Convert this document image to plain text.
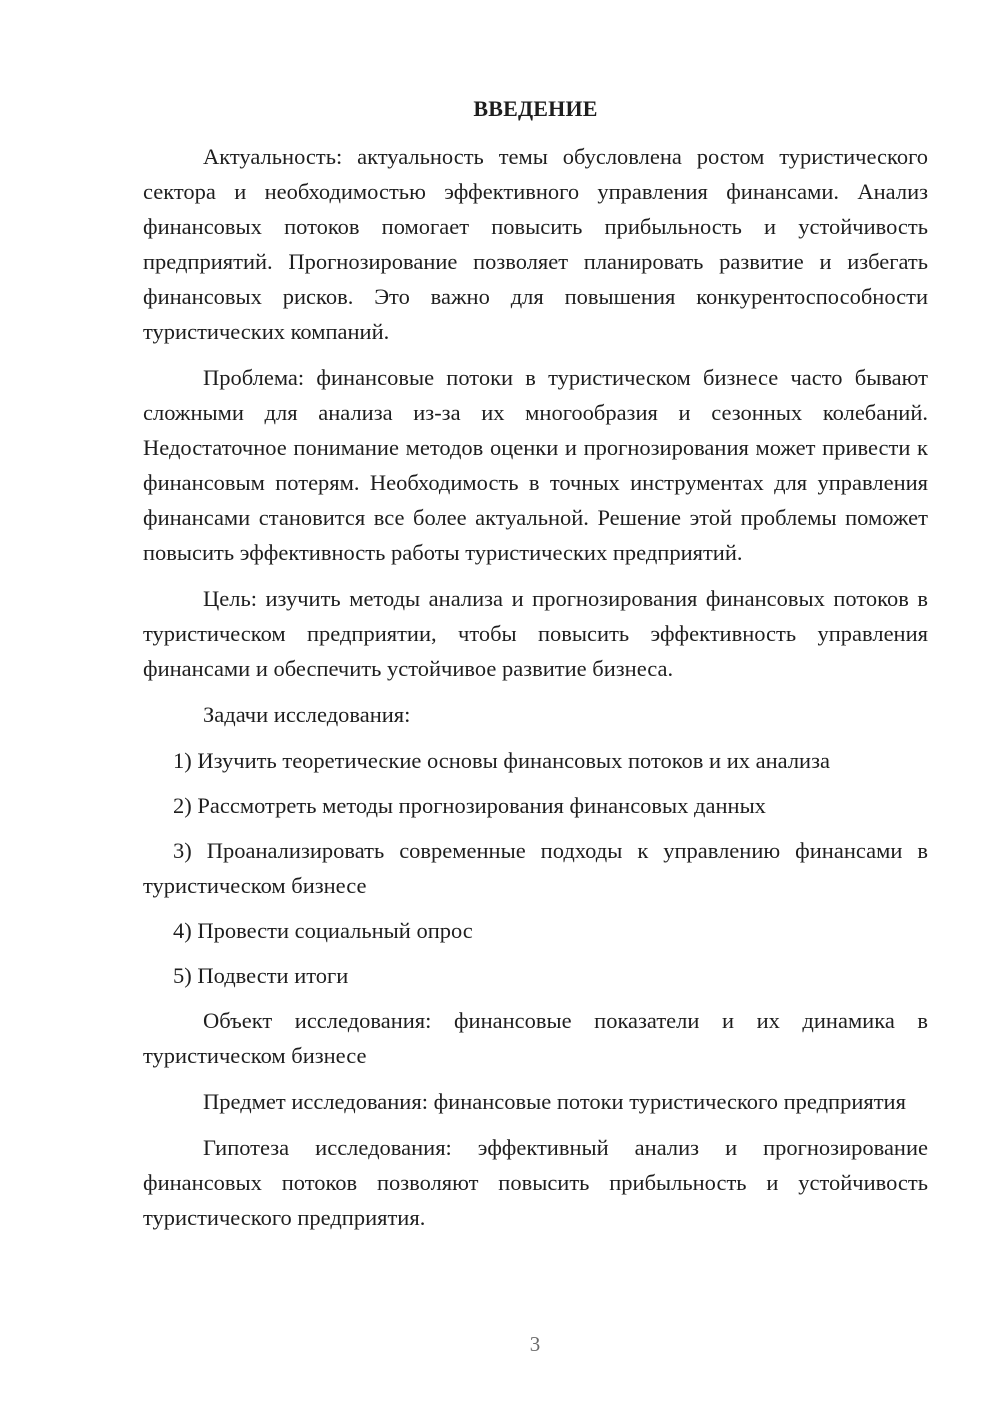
ВВЕДЕНИЕ

Актуальность: актуальность темы обусловлена ростом туристического сектора и необходимостью эффективного управления финансами. Анализ финансовых потоков помогает повысить прибыльность и устойчивость предприятий. Прогнозирование позволяет планировать развитие и избегать финансовых рисков. Это важно для повышения конкурентоспособности туристических компаний.

Проблема: финансовые потоки в туристическом бизнесе часто бывают сложными для анализа из-за их многообразия и сезонных колебаний. Недостаточное понимание методов оценки и прогнозирования может привести к финансовым потерям. Необходимость в точных инструментах для управления финансами становится все более актуальной. Решение этой проблемы поможет повысить эффективность работы туристических предприятий.

Цель: изучить методы анализа и прогнозирования финансовых потоков в туристическом предприятии, чтобы повысить эффективность управления финансами и обеспечить устойчивое развитие бизнеса.

Задачи исследования:

1) Изучить теоретические основы финансовых потоков и их анализа
2) Рассмотреть методы прогнозирования финансовых данных
3) Проанализировать современные подходы к управлению финансами в туристическом бизнесе
4) Провести социальный опрос
5) Подвести итоги

Объект исследования: финансовые показатели и их динамика в туристическом бизнесе

Предмет исследования: финансовые потоки туристического предприятия

Гипотеза исследования: эффективный анализ и прогнозирование финансовых потоков позволяют повысить прибыльность и устойчивость туристического предприятия.

3
